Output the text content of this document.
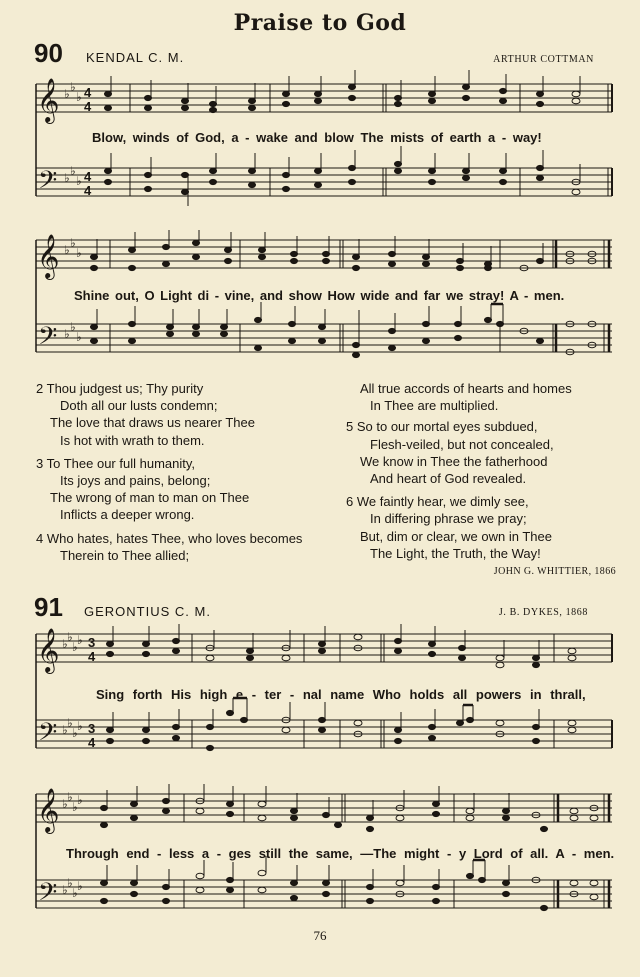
Praise to God
90 KENDAL C. M.	ARTHUR COTTMAN
𝄞
𝄢
♭ ♭
♭
♭ ♭
♭
4
4
4
4
Blow, winds of God, a - wake and blow The mists of earth a - way!
𝄞
𝄢
♭ ♭
♭
♭ ♭
♭
Shine out, O Light di - vine, and show How wide and far we stray! A - men.
2 Thou judgest us; Thy purity
Doth all our lusts condemn;
The love that draws us nearer Thee
Is hot with wrath to them.
3 To Thee our full humanity,
Its joys and pains, belong;
The wrong of man to man on Thee
Inflicts a deeper wrong.
4 Who hates, hates Thee, who loves becomes
Therein to Thee allied;
All true accords of hearts and homes
In Thee are multiplied.
5 So to our mortal eyes subdued,
Flesh-veiled, but not concealed,
We know in Thee the fatherhood
And heart of God revealed.
6 We faintly hear, we dimly see,
In differing phrase we pray;
But, dim or clear, we own in Thee
The Light, the Truth, the Way!
JOHN G. WHITTIER, 1866
91 GERONTIUS C. M.	J. B. DYKES, 1868
𝄞
𝄢
♭ ♭
♭ ♭
♭ ♭
♭ ♭
3
4
3
4
Sing forth His high e - ter - nal name Who holds all powers in thrall,
𝄞
𝄢
♭ ♭
♭ ♭
♭ ♭
♭ ♭
Through end - less a - ges still the same, —The might - y Lord of all. A - men.
76
